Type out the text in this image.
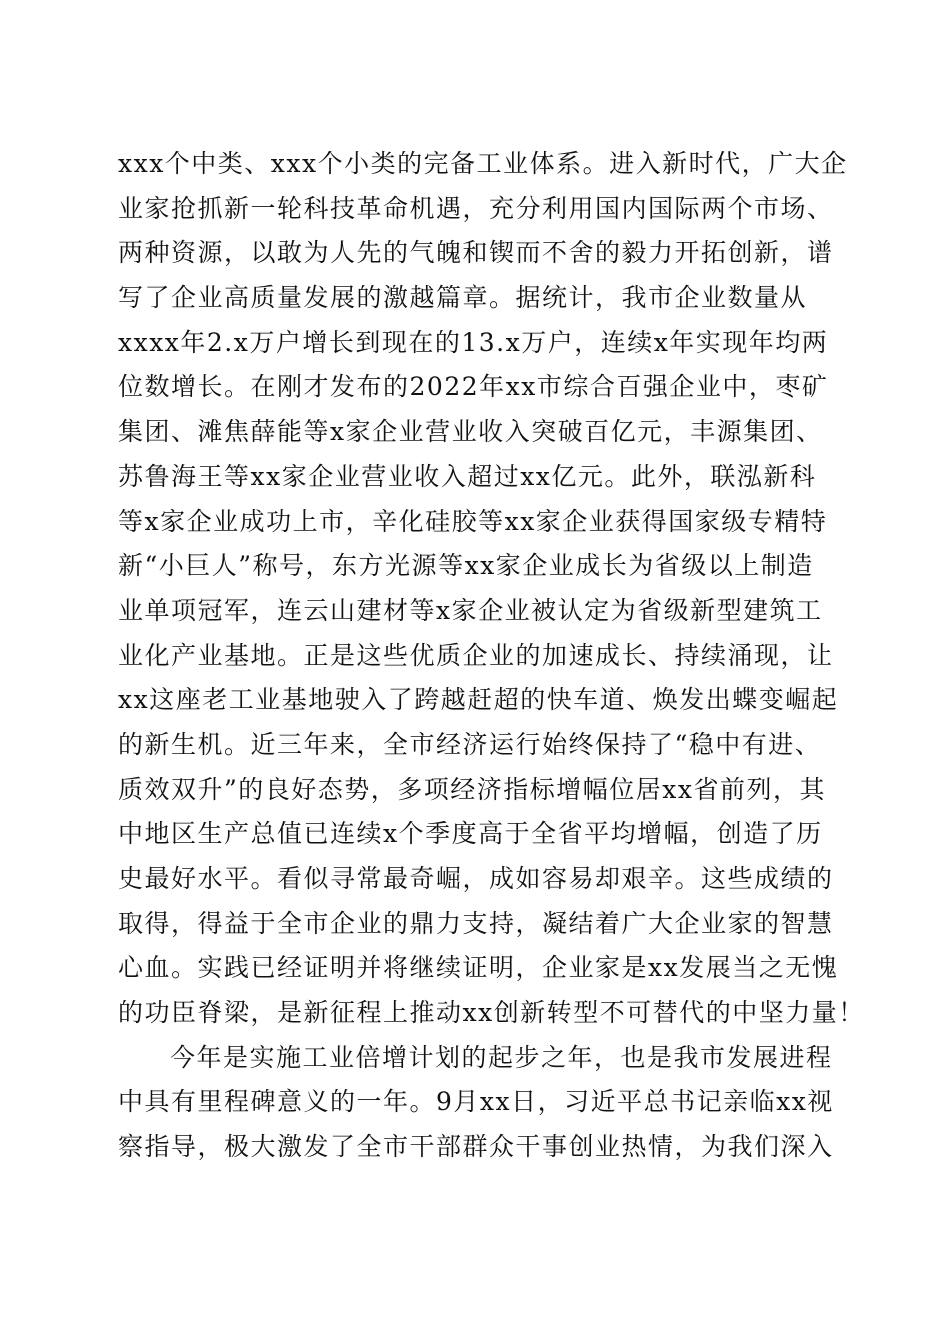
xxx个中类、xxx个小类的完备工业体系。进入新时代，广大企
业家抢抓新一轮科技革命机遇，充分利用国内国际两个市场、
两种资源，以敢为人先的气魄和锲而不舍的毅力开拓创新，谱
写了企业高质量发展的激越篇章。据统计，我市企业数量从
xxxx年2.x万户增长到现在的13.x万户，连续x年实现年均两
位数增长。在刚才发布的2022年xx市综合百强企业中，枣矿
集团、滩焦薛能等x家企业营业收入突破百亿元，丰源集团、
苏鲁海王等xx家企业营业收入超过xx亿元。此外，联泓新科
等x家企业成功上市，辛化硅胶等xx家企业获得国家级专精特
新“小巨人”称号，东方光源等xx家企业成长为省级以上制造
业单项冠军，连云山建材等x家企业被认定为省级新型建筑工
业化产业基地。正是这些优质企业的加速成长、持续涌现，让
xx这座老工业基地驶入了跨越赶超的快车道、焕发出蝶变崛起
的新生机。近三年来，全市经济运行始终保持了“稳中有进、
质效双升”的良好态势，多项经济指标增幅位居xx省前列，其
中地区生产总值已连续x个季度高于全省平均增幅，创造了历
史最好水平。看似寻常最奇崛，成如容易却艰辛。这些成绩的
取得，得益于全市企业的鼎力支持，凝结着广大企业家的智慧
心血。实践已经证明并将继续证明，企业家是xx发展当之无愧
的功臣脊梁，是新征程上推动xx创新转型不可替代的中坚力量！
今年是实施工业倍增计划的起步之年，也是我市发展进程
中具有里程碑意义的一年。9月xx日，习近平总书记亲临xx视
察指导，极大激发了全市干部群众干事创业热情，为我们深入
